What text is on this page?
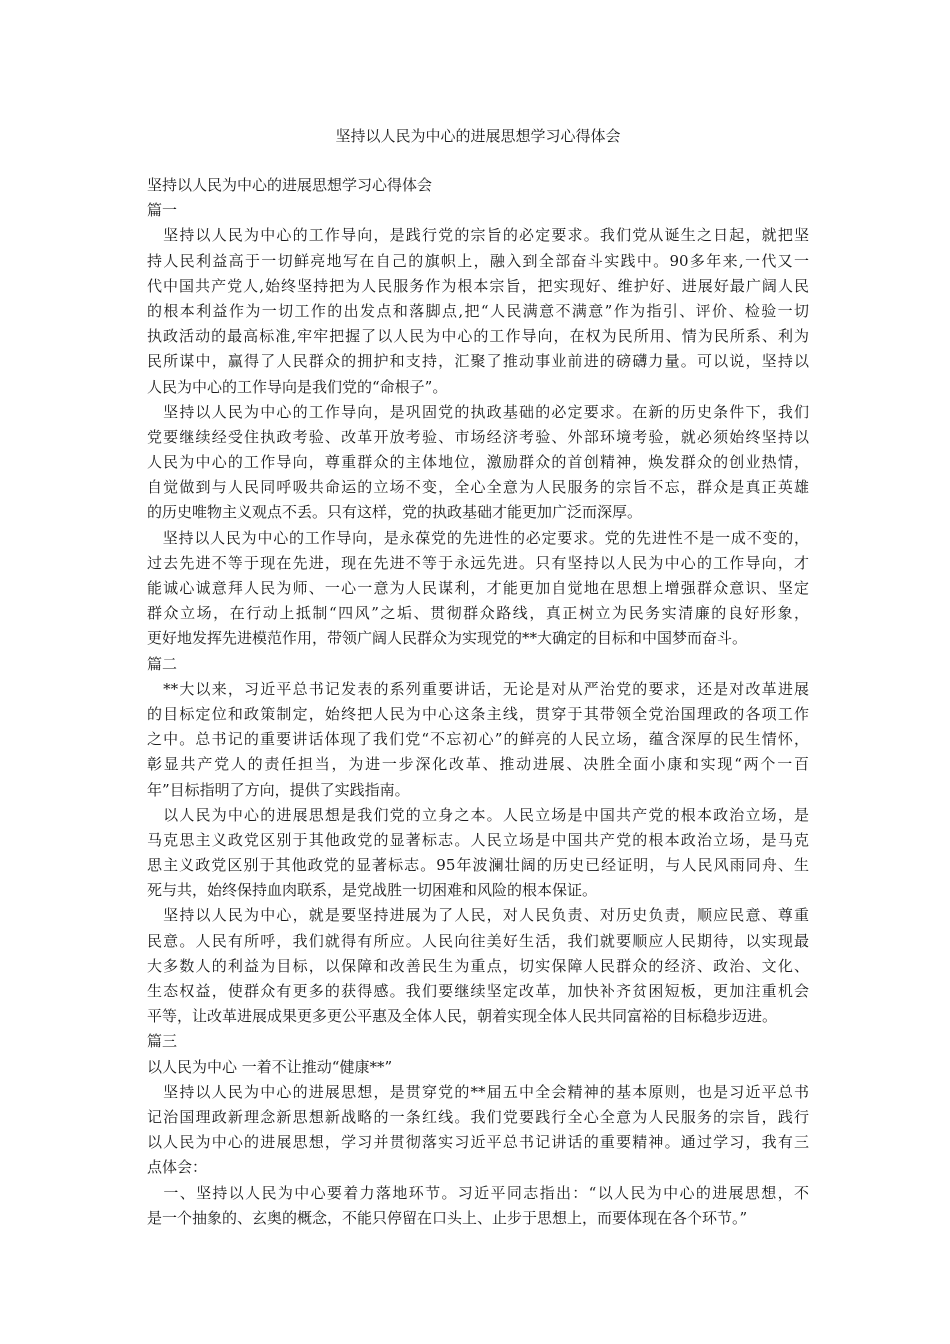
坚持以人民为中心的进展思想学习心得体会
坚持以人民为中心的进展思想学习心得体会
篇一
　坚持以人民为中心的工作导向，是践行党的宗旨的必定要求。我们党从诞生之日起，就把坚
持人民利益高于一切鲜亮地写在自己的旗帜上，融入到全部奋斗实践中。90多年来,一代又一
代中国共产党人,始终坚持把为人民服务作为根本宗旨，把实现好、维护好、进展好最广阔人民
的根本利益作为一切工作的出发点和落脚点,把“人民满意不满意”作为指引、评价、检验一切
执政活动的最高标准,牢牢把握了以人民为中心的工作导向，在权为民所用、情为民所系、利为
民所谋中，赢得了人民群众的拥护和支持，汇聚了推动事业前进的磅礴力量。可以说，坚持以
人民为中心的工作导向是我们党的“命根子”。
　坚持以人民为中心的工作导向，是巩固党的执政基础的必定要求。在新的历史条件下，我们
党要继续经受住执政考验、改革开放考验、市场经济考验、外部环境考验，就必须始终坚持以
人民为中心的工作导向，尊重群众的主体地位，激励群众的首创精神，焕发群众的创业热情，
自觉做到与人民同呼吸共命运的立场不变，全心全意为人民服务的宗旨不忘，群众是真正英雄
的历史唯物主义观点不丢。只有这样，党的执政基础才能更加广泛而深厚。
　坚持以人民为中心的工作导向，是永葆党的先进性的必定要求。党的先进性不是一成不变的，
过去先进不等于现在先进，现在先进不等于永远先进。只有坚持以人民为中心的工作导向，才
能诚心诚意拜人民为师、一心一意为人民谋利，才能更加自觉地在思想上增强群众意识、坚定
群众立场，在行动上抵制“四风”之垢、贯彻群众路线，真正树立为民务实清廉的良好形象，
更好地发挥先进模范作用，带领广阔人民群众为实现党的**大确定的目标和中国梦而奋斗。
篇二
　**大以来，习近平总书记发表的系列重要讲话，无论是对从严治党的要求，还是对改革进展
的目标定位和政策制定，始终把人民为中心这条主线，贯穿于其带领全党治国理政的各项工作
之中。总书记的重要讲话体现了我们党“不忘初心”的鲜亮的人民立场，蕴含深厚的民生情怀，
彰显共产党人的责任担当，为进一步深化改革、推动进展、决胜全面小康和实现“两个一百
年”目标指明了方向，提供了实践指南。
　以人民为中心的进展思想是我们党的立身之本。人民立场是中国共产党的根本政治立场，是
马克思主义政党区别于其他政党的显著标志。人民立场是中国共产党的根本政治立场，是马克
思主义政党区别于其他政党的显著标志。95年波澜壮阔的历史已经证明，与人民风雨同舟、生
死与共，始终保持血肉联系，是党战胜一切困难和风险的根本保证。
　坚持以人民为中心，就是要坚持进展为了人民，对人民负责、对历史负责，顺应民意、尊重
民意。人民有所呼，我们就得有所应。人民向往美好生活，我们就要顺应人民期待，以实现最
大多数人的利益为目标，以保障和改善民生为重点，切实保障人民群众的经济、政治、文化、
生态权益，使群众有更多的获得感。我们要继续坚定改革，加快补齐贫困短板，更加注重机会
平等，让改革进展成果更多更公平惠及全体人民，朝着实现全体人民共同富裕的目标稳步迈进。
篇三
以人民为中心 一着不让推动“健康**”
　坚持以人民为中心的进展思想，是贯穿党的**届五中全会精神的基本原则，也是习近平总书
记治国理政新理念新思想新战略的一条红线。我们党要践行全心全意为人民服务的宗旨，践行
以人民为中心的进展思想，学习并贯彻落实习近平总书记讲话的重要精神。通过学习，我有三
点体会：
　一、坚持以人民为中心要着力落地环节。习近平同志指出：“以人民为中心的进展思想，不
是一个抽象的、玄奥的概念，不能只停留在口头上、止步于思想上，而要体现在各个环节。”
